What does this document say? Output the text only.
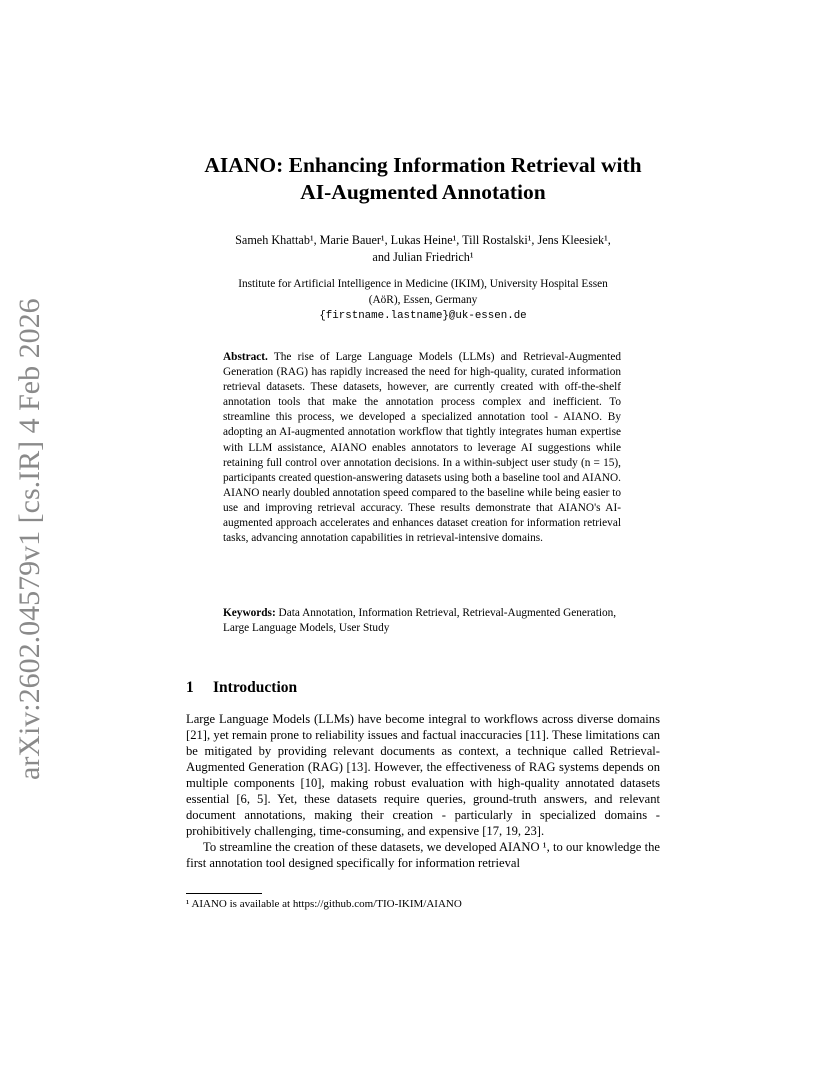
arXiv:2602.04579v1 [cs.IR] 4 Feb 2026
AIANO: Enhancing Information Retrieval with
AI-Augmented Annotation
Sameh Khattab¹, Marie Bauer¹, Lukas Heine¹, Till Rostalski¹, Jens Kleesiek¹,
and Julian Friedrich¹
Institute for Artificial Intelligence in Medicine (IKIM), University Hospital Essen
(AöR), Essen, Germany
{firstname.lastname}@uk-essen.de
Abstract. The rise of Large Language Models (LLMs) and Retrieval-Augmented Generation (RAG) has rapidly increased the need for high-quality, curated information retrieval datasets. These datasets, however, are currently created with off-the-shelf annotation tools that make the annotation process complex and inefficient. To streamline this process, we developed a specialized annotation tool - AIANO. By adopting an AI-augmented annotation workflow that tightly integrates human expertise with LLM assistance, AIANO enables annotators to leverage AI suggestions while retaining full control over annotation decisions. In a within-subject user study (n = 15), participants created question-answering datasets using both a baseline tool and AIANO. AIANO nearly doubled annotation speed compared to the baseline while being easier to use and improving retrieval accuracy. These results demonstrate that AIANO's AI-augmented approach accelerates and enhances dataset creation for information retrieval tasks, advancing annotation capabilities in retrieval-intensive domains.
Keywords: Data Annotation, Information Retrieval, Retrieval-Augmented Generation, Large Language Models, User Study
1 Introduction

Large Language Models (LLMs) have become integral to workflows across diverse domains [21], yet remain prone to reliability issues and factual inaccuracies [11]. These limitations can be mitigated by providing relevant documents as context, a technique called Retrieval-Augmented Generation (RAG) [13]. However, the effectiveness of RAG systems depends on multiple components [10], making robust evaluation with high-quality annotated datasets essential [6, 5]. Yet, these datasets require queries, ground-truth answers, and relevant document annotations, making their creation - particularly in specialized domains - prohibitively challenging, time-consuming, and expensive [17, 19, 23].

To streamline the creation of these datasets, we developed AIANO ¹, to our knowledge the first annotation tool designed specifically for information retrieval

¹ AIANO is available at https://github.com/TIO-IKIM/AIANO
